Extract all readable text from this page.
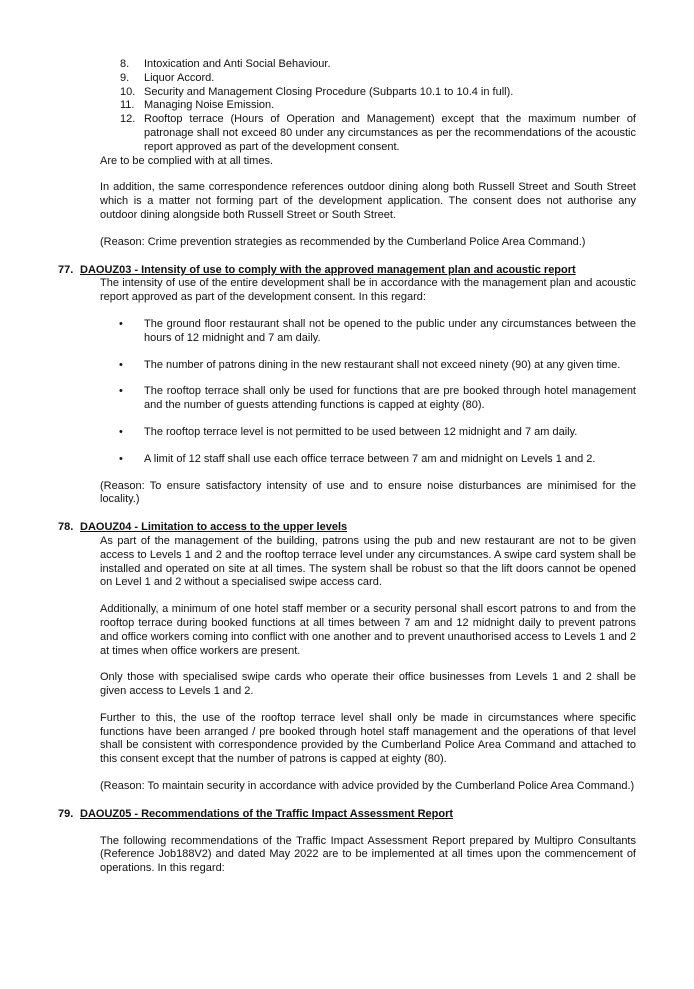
8. Intoxication and Anti Social Behaviour.
9. Liquor Accord.
10. Security and Management Closing Procedure (Subparts 10.1 to 10.4 in full).
11. Managing Noise Emission.
12. Rooftop terrace (Hours of Operation and Management) except that the maximum number of patronage shall not exceed 80 under any circumstances as per the recommendations of the acoustic report approved as part of the development consent.

Are to be complied with at all times.

In addition, the same correspondence references outdoor dining along both Russell Street and South Street which is a matter not forming part of the development application. The consent does not authorise any outdoor dining alongside both Russell Street or South Street.

(Reason: Crime prevention strategies as recommended by the Cumberland Police Area Command.)

77. DAOUZ03 - Intensity of use to comply with the approved management plan and acoustic report

The intensity of use of the entire development shall be in accordance with the management plan and acoustic report approved as part of the development consent. In this regard:

• The ground floor restaurant shall not be opened to the public under any circumstances between the hours of 12 midnight and 7 am daily.
• The number of patrons dining in the new restaurant shall not exceed ninety (90) at any given time.
• The rooftop terrace shall only be used for functions that are pre booked through hotel management and the number of guests attending functions is capped at eighty (80).
• The rooftop terrace level is not permitted to be used between 12 midnight and 7 am daily.
• A limit of 12 staff shall use each office terrace between 7 am and midnight on Levels 1 and 2.

(Reason: To ensure satisfactory intensity of use and to ensure noise disturbances are minimised for the locality.)

78. DAOUZ04 - Limitation to access to the upper levels

As part of the management of the building, patrons using the pub and new restaurant are not to be given access to Levels 1 and 2 and the rooftop terrace level under any circumstances. A swipe card system shall be installed and operated on site at all times. The system shall be robust so that the lift doors cannot be opened on Level 1 and 2 without a specialised swipe access card.

Additionally, a minimum of one hotel staff member or a security personal shall escort patrons to and from the rooftop terrace during booked functions at all times between 7 am and 12 midnight daily to prevent patrons and office workers coming into conflict with one another and to prevent unauthorised access to Levels 1 and 2 at times when office workers are present.

Only those with specialised swipe cards who operate their office businesses from Levels 1 and 2 shall be given access to Levels 1 and 2.

Further to this, the use of the rooftop terrace level shall only be made in circumstances where specific functions have been arranged / pre booked through hotel staff management and the operations of that level shall be consistent with correspondence provided by the Cumberland Police Area Command and attached to this consent except that the number of patrons is capped at eighty (80).

(Reason: To maintain security in accordance with advice provided by the Cumberland Police Area Command.)

79. DAOUZ05 - Recommendations of the Traffic Impact Assessment Report

The following recommendations of the Traffic Impact Assessment Report prepared by Multipro Consultants (Reference Job188V2) and dated May 2022 are to be implemented at all times upon the commencement of operations. In this regard:
